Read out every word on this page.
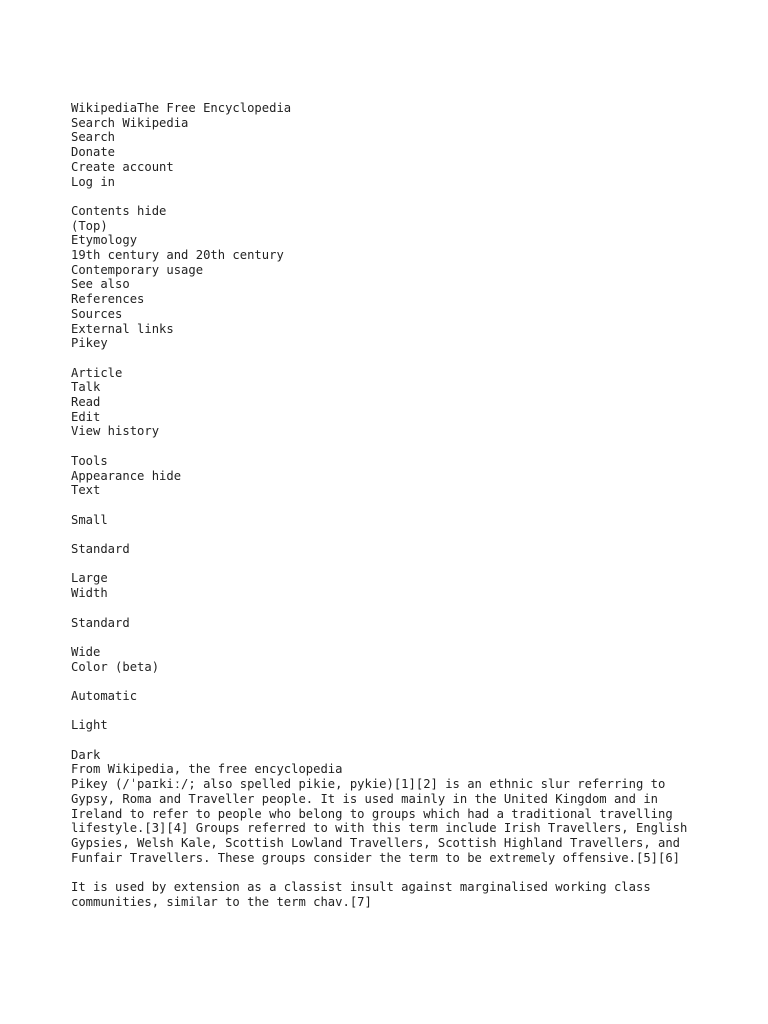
WikipediaThe Free Encyclopedia
Search Wikipedia
Search
Donate
Create account
Log in
Contents hide
(Top)
Etymology
19th century and 20th century
Contemporary usage
See also
References
Sources
External links
Pikey
Article
Talk
Read
Edit
View history
Tools
Appearance hide
Text
Small
Standard
Large
Width
Standard
Wide
Color (beta)
Automatic
Light
Dark
From Wikipedia, the free encyclopedia

Pikey (/ˈpaɪkiː/; also spelled pikie, pykie)[1][2] is an ethnic slur referring to Gypsy, Roma and Traveller people. It is used mainly in the United Kingdom and in Ireland to refer to people who belong to groups which had a traditional travelling lifestyle.[3][4] Groups referred to with this term include Irish Travellers, English Gypsies, Welsh Kale, Scottish Lowland Travellers, Scottish Highland Travellers, and Funfair Travellers. These groups consider the term to be extremely offensive.[5][6]

It is used by extension as a classist insult against marginalised working class communities, similar to the term chav.[7]
